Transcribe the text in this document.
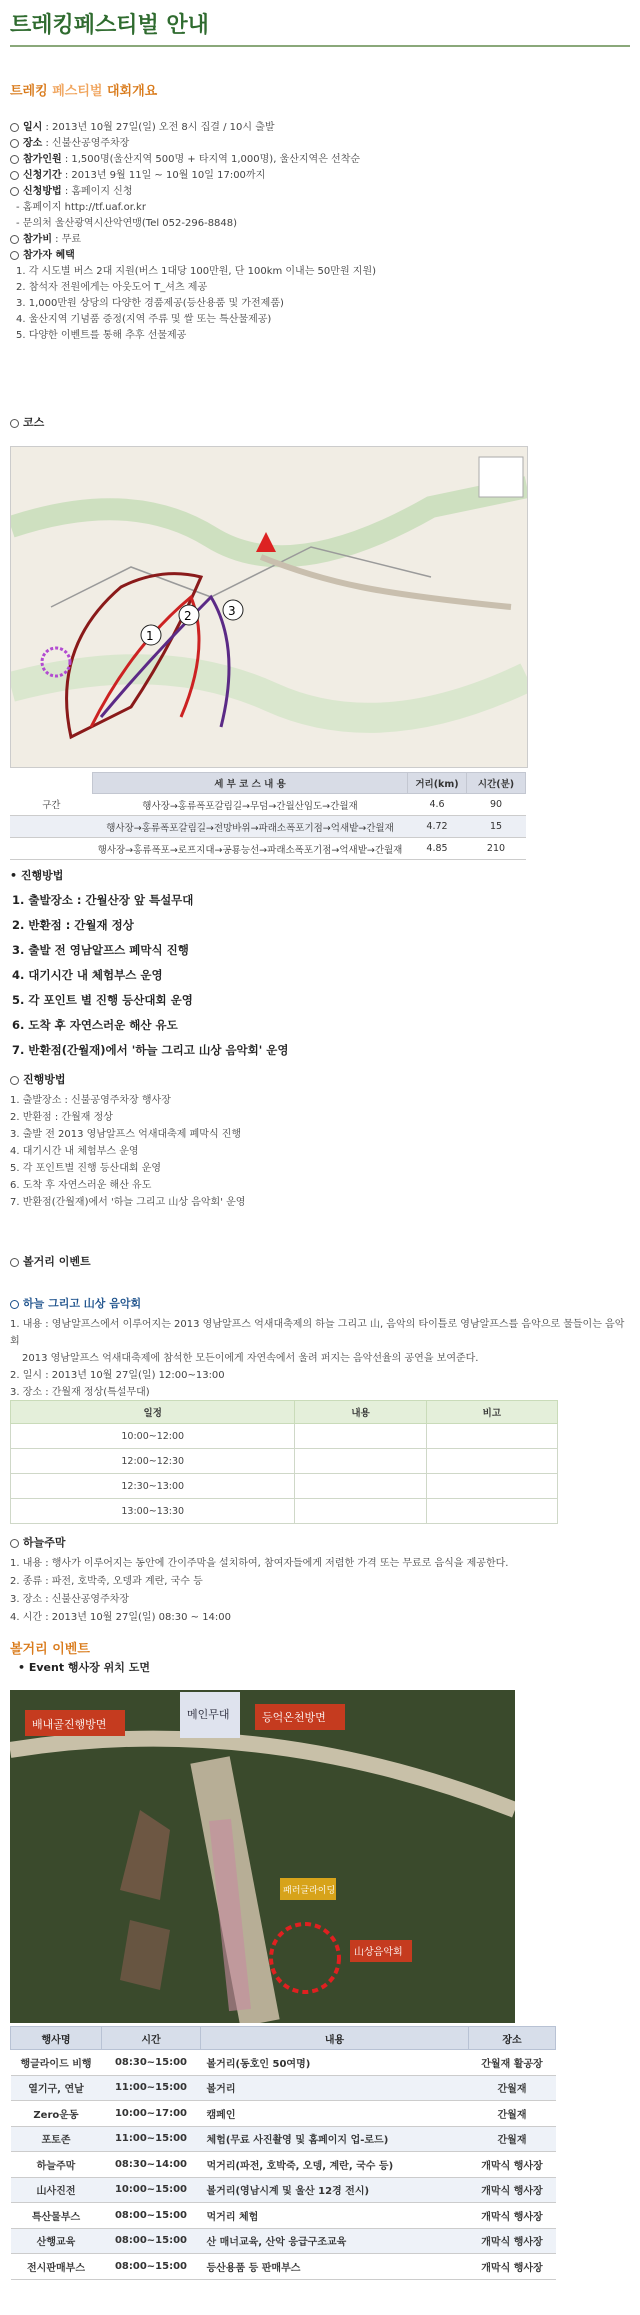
트레킹페스티벌 안내
트레킹 페스티벌 대회개요
일시 : 2013년 10월 27일(일) 오전 8시 집결 / 10시 출발
장소 : 신불산공영주차장
참가인원 : 1,500명(울산지역 500명 + 타지역 1,000명), 울산지역은 선착순
신청기간 : 2013년 9월 11일 ~ 10월 10일 17:00까지
신청방법 : 홈페이지 신청
- 홈페이지 http://tf.uaf.or.kr
- 문의처 울산광역시산악연맹(Tel 052-296-8848)
참가비 : 무료
참가자 혜택
1. 각 시도별 버스 2대 지원(버스 1대당 100만원, 단 100km 이내는 50만원 지원)
2. 참석자 전원에게는 아웃도어 T_셔츠 제공
3. 1,000만원 상당의 다양한 경품제공(등산용품 및 가전제품)
4. 울산지역 기념품 증정(지역 주류 및 쌀 또는 특산물제공)
5. 다양한 이벤트를 통해 추후 선물제공
코스
1
2	3
	세 부 코 스 내 용	거리(km)	시간(분)
구간	행사장→홍류폭포갈림길→무덤→간월산임도→간월재	4.6	90
	행사장→홍류폭포갈림길→전망바위→파래소폭포기점→억새밭→간월재	4.72	15
	행사장→홍류폭포→로프지대→공룡능선→파래소폭포기점→억새밭→간월재	4.85	210
• 진행방법
1. 출발장소 : 간월산장 앞 특설무대
2. 반환점 : 간월재 정상
3. 출발 전 영남알프스 폐막식 진행
4. 대기시간 내 체험부스 운영
5. 각 포인트 별 진행 등산대회 운영
6. 도착 후 자연스러운 해산 유도
7. 반환점(간월재)에서 '하늘 그리고 山상 음악회' 운영
진행방법
1. 출발장소 : 신불공영주차장 행사장
2. 반환점 : 간월재 정상
3. 출발 전 2013 영남알프스 억새대축제 폐막식 진행
4. 대기시간 내 체험부스 운영
5. 각 포인트별 진행 등산대회 운영
6. 도착 후 자연스러운 해산 유도
7. 반환점(간월재)에서 '하늘 그리고 山상 음악회' 운영
볼거리 이벤트
하늘 그리고 山상 음악회
1. 내용 : 영남알프스에서 이루어지는 2013 영남알프스 억새대축제의 하늘 그리고 山, 음악의 타이틀로 영남알프스를 음악으로 물들이는 음악회
2013 영남알프스 억새대축제에 참석한 모든이에게 자연속에서 울려 퍼지는 음악선율의 공연을 보여준다.
2. 일시 : 2013년 10월 27일(일) 12:00~13:00
3. 장소 : 간월재 정상(특설무대)
일정	내용	비고
10:00~12:00		
12:00~12:30		
12:30~13:00		
13:00~13:30		
하늘주막
1. 내용 : 행사가 이루어지는 동안에 간이주막을 설치하여, 참여자들에게 저렴한 가격 또는 무료로 음식을 제공한다.
2. 종류 : 파전, 호박죽, 오뎅과 계란, 국수 등
3. 장소 : 신불산공영주차장
4. 시간 : 2013년 10월 27일(일) 08:30 ~ 14:00
볼거리 이벤트
• Event 행사장 위치 도면
배내골진행방면
등억온천방면
메인무대
패러글라이딩
山상음악회
행사명	시간	내용	장소
행글라이드 비행	08:30~15:00	볼거리(동호인 50여명)	간월재 활공장
열기구, 연날	11:00~15:00	볼거리	간월재
Zero운동	10:00~17:00	캠페인	간월재
포토존	11:00~15:00	체험(무료 사진촬영 및 홈페이지 업-로드)	간월재
하늘주막	08:30~14:00	먹거리(파전, 호박죽, 오뎅, 계란, 국수 등)	개막식 행사장
山사진전	10:00~15:00	볼거리(영남시계 및 울산 12경 전시)	개막식 행사장
특산물부스	08:00~15:00	먹거리 체험	개막식 행사장
산행교육	08:00~15:00	산 매너교육, 산악 응급구조교육	개막식 행사장
전시판매부스	08:00~15:00	등산용품 등 판매부스	개막식 행사장
